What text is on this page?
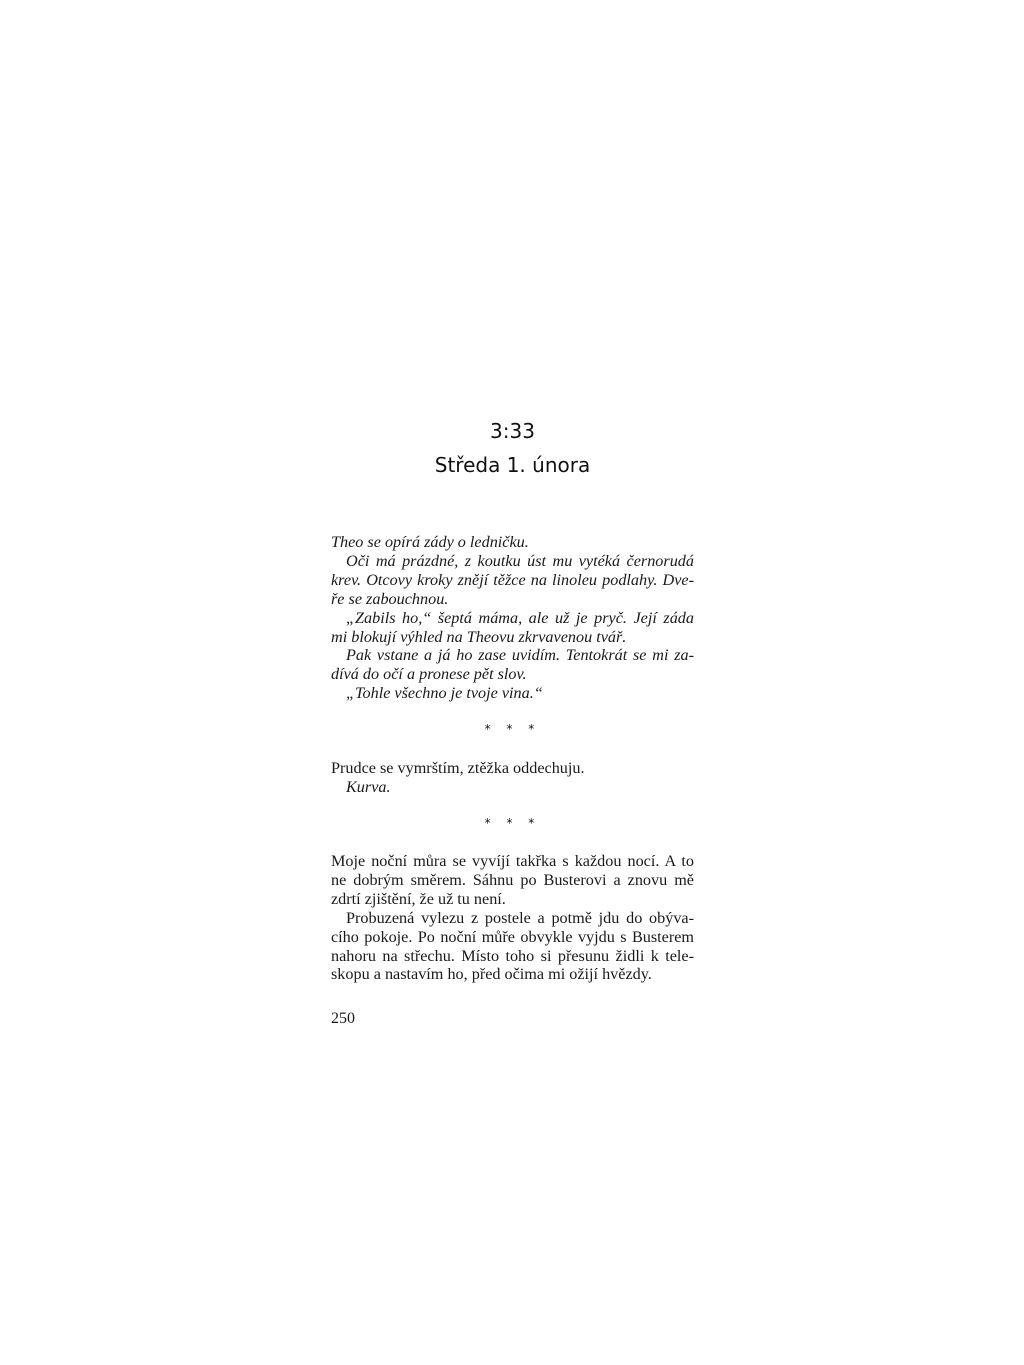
3:33
Středa 1. února
Theo se opírá zády o ledničku.
Oči má prázdné, z koutku úst mu vytéká černorudá
krev. Otcovy kroky znějí těžce na linoleu podlahy. Dve-
ře se zabouchnou.
„Zabils ho,“ šeptá máma, ale už je pryč. Její záda
mi blokují výhled na Theovu zkrvavenou tvář.
Pak vstane a já ho zase uvidím. Tentokrát se mi za-
dívá do očí a pronese pět slov.
„Tohle všechno je tvoje vina.“
* * *
Prudce se vymrštím, ztěžka oddechuju.
Kurva.
* * *
Moje noční můra se vyvíjí takřka s každou nocí. A to
ne dobrým směrem. Sáhnu po Busterovi a znovu mě
zdrtí zjištění, že už tu není.
Probuzená vylezu z postele a potmě jdu do obýva-
cího pokoje. Po noční můře obvykle vyjdu s Busterem
nahoru na střechu. Místo toho si přesunu židli k tele-
skopu a nastavím ho, před očima mi ožijí hvězdy.
250
